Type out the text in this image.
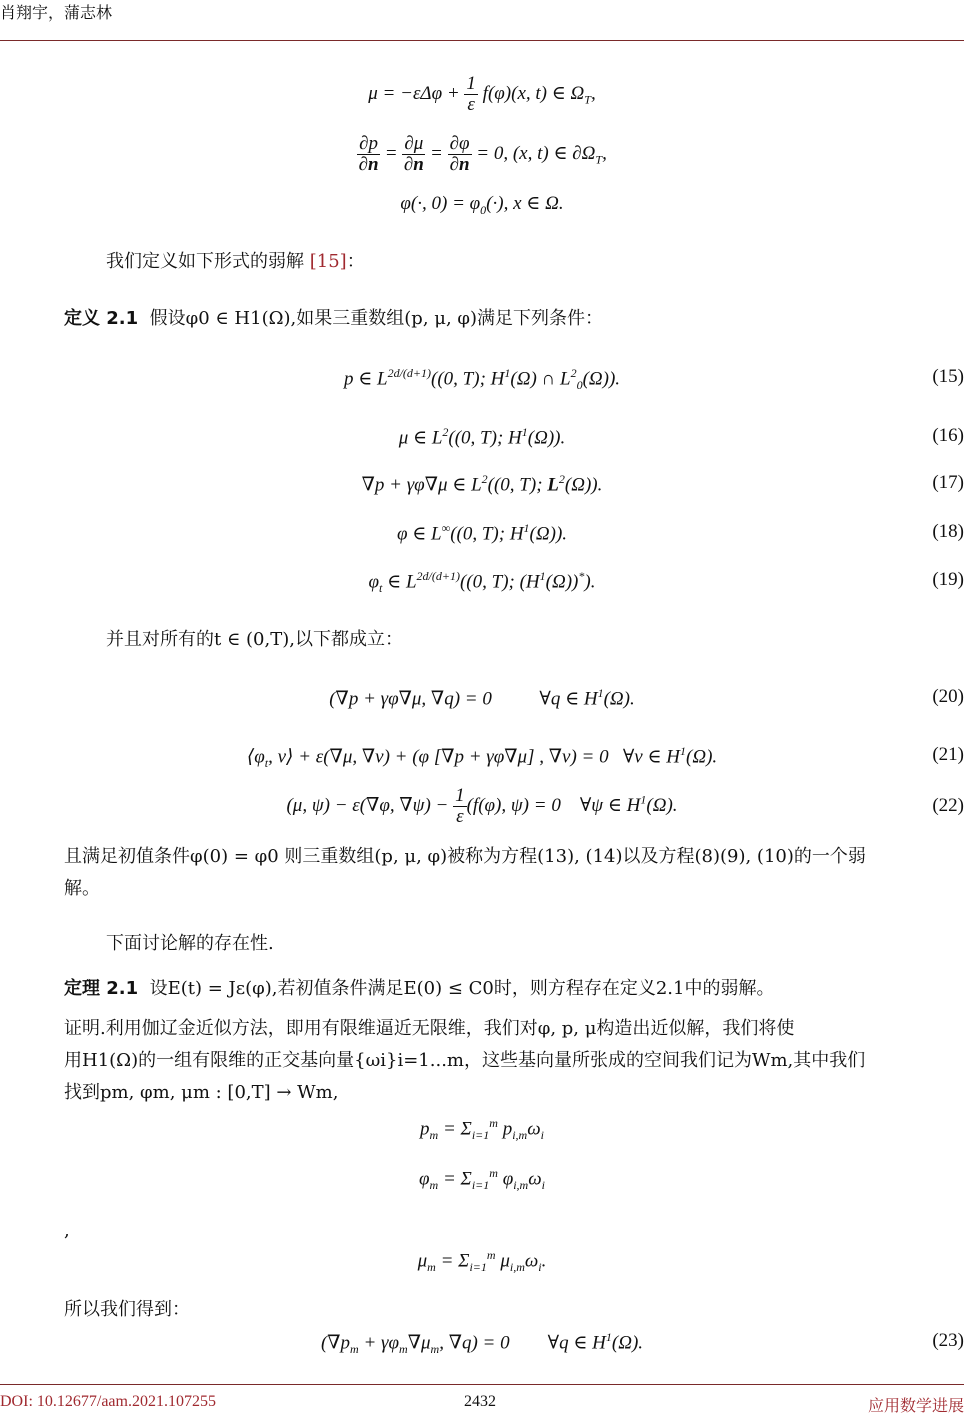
肖翔宇，蒲志林
$\mu = -\varepsilon\Delta\varphi + \frac{1}{\varepsilon} f(\varphi)(x$, t) ∈ $\Omega_T$,
$\frac{\partial p}{\partial n} = \frac{\partial\mu}{\partial n} = \frac{\partial\varphi}{\partial n} = 0$, (x, t) ∈ $\partial\Omega_T$,
φ(·, $0) = \varphi_0(\cdot)$, x ∈ Ω.
我们定义如下形式的弱解 [15]：
定义 2.1 假设φ0 ∈ H1(Ω),如果三重数组(p, μ, φ)满足下列条件：
p ∈ $L^{2d/(d+1)}((0$, T); $H^1(\Omega)$ ∩ $L^2_0(\Omega)$).	(15)
μ ∈ $L^2((0$, T); $H^1(\Omega)$).	(16)
∇p + γφ∇μ ∈ $L^2((0$, T); $L^2(\Omega)$).	(17)
φ ∈ L∞((0, T); $H^1(\Omega)$).	(18)
$\varphi_t$ ∈ $L^{2d/(d+1)}((0$, T); $(H^1(\Omega))^*$).	(19)
并且对所有的t ∈ (0,T),以下都成立：
(∇p + γφ∇μ, ∇q) = 0          ∀q ∈ $H^1(\Omega)$.	(20)
$⟨\varphi_t$, v⟩ + ε(∇μ, ∇v) + (φ [∇p + γφ∇μ] , ∇v) = 0   ∀v ∈ $H^1(\Omega)$.	(21)
(μ, ψ) − ε(∇φ, $\nabla\psi) - \frac{1}{\varepsilon} (f(\varphi)$, ψ) = 0    ∀ψ ∈ $H^1(\Omega)$.	(22)
且满足初值条件φ(0) = φ0 则三重数组(p, μ, φ)被称为方程(13), (14)以及方程(8)(9), (10)的一个弱
解。
下面讨论解的存在性.
定理 2.1 设E(t) = Jε(φ),若初值条件满足E(0) ≤ C0时，则方程存在定义2.1中的弱解。
证明.利用伽辽金近似方法，即用有限维逼近无限维，我们对φ, p, μ构造出近似解，我们将使
用H1(Ω)的一组有限维的正交基向量{ωi}i=1...m，这些基向量所张成的空间我们记为Wm,其中我们
找到pm, φm, μm : [0,T] → Wm,
$p_m = \Sigma_{i=1}^m$ $p_{i,m}\omega_i$
$\varphi_m = \Sigma_{i=1}^m$ $\varphi_{i,m}\omega_i$
,
$\mu_m = \Sigma_{i=1}^m$ $\mu_{i,m}\omega_i$.
所以我们得到：
($\nabla p_m + \gamma\varphi_m\nabla\mu_m$, ∇q) = 0        ∀q ∈ $H^1(\Omega)$.	(23)
DOI: 10.12677/aam.2021.107255	2432	应用数学进展
